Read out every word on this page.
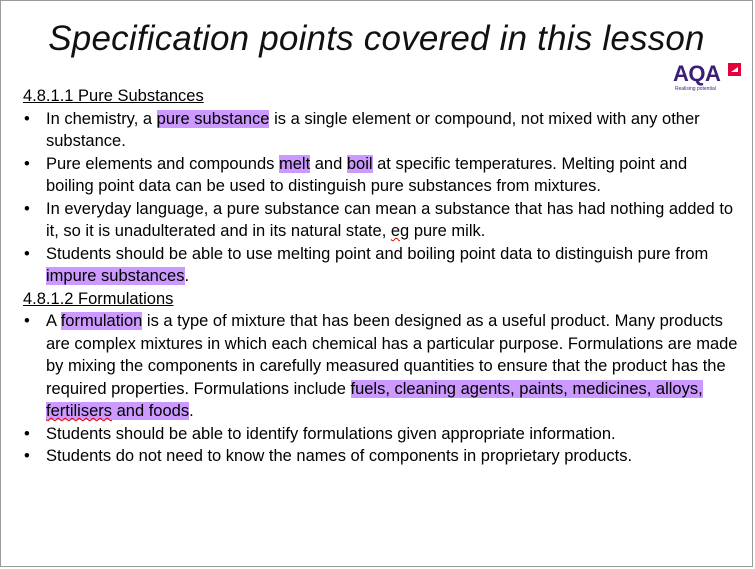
Specification points covered in this lesson
AQA
Realising potential

4.8.1.1 Pure Substances

• In chemistry, a pure substance is a single element or compound, not mixed with any other substance.
• Pure elements and compounds melt and boil at specific temperatures. Melting point and boiling point data can be used to distinguish pure substances from mixtures.
• In everyday language, a pure substance can mean a substance that has had nothing added to it, so it is unadulterated and in its natural state, eg pure milk.
• Students should be able to use melting point and boiling point data to distinguish pure from impure substances.

4.8.1.2 Formulations

• A formulation is a type of mixture that has been designed as a useful product. Many products are complex mixtures in which each chemical has a particular purpose. Formulations are made by mixing the components in carefully measured quantities to ensure that the product has the required properties. Formulations include fuels, cleaning agents, paints, medicines, alloys, fertilisers and foods.
• Students should be able to identify formulations given appropriate information.
• Students do not need to know the names of components in proprietary products.
